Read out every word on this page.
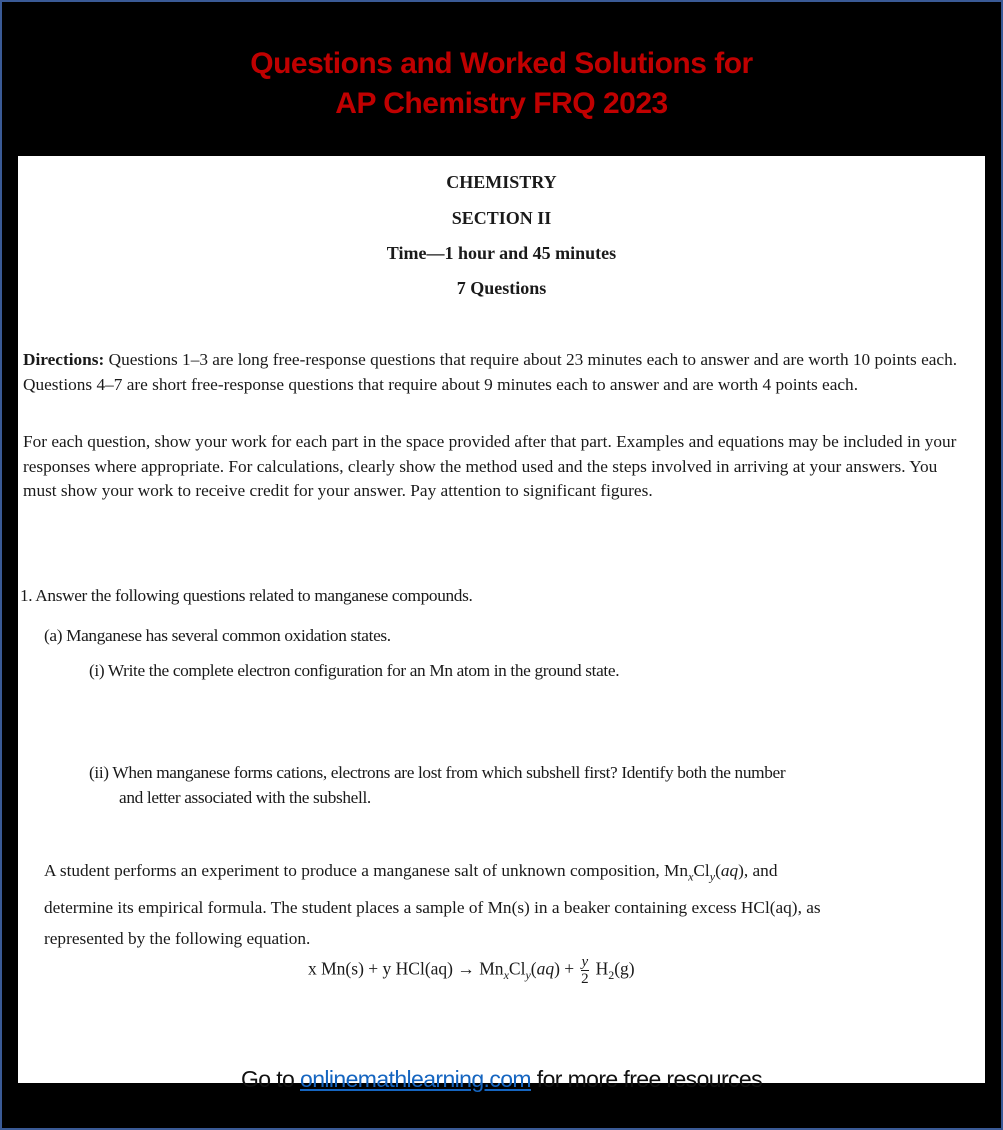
Questions and Worked Solutions for
AP Chemistry FRQ 2023
CHEMISTRY
SECTION II
Time—1 hour and 45 minutes
7 Questions
Directions: Questions 1–3 are long free-response questions that require about 23 minutes each to answer and are worth 10 points each. Questions 4–7 are short free-response questions that require about 9 minutes each to answer and are worth 4 points each.
For each question, show your work for each part in the space provided after that part. Examples and equations may be included in your responses where appropriate. For calculations, clearly show the method used and the steps involved in arriving at your answers. You must show your work to receive credit for your answer. Pay attention to significant figures.
1. Answer the following questions related to manganese compounds.
(a) Manganese has several common oxidation states.
(i) Write the complete electron configuration for an Mn atom in the ground state.
(ii) When manganese forms cations, electrons are lost from which subshell first? Identify both the number
and letter associated with the subshell.
A student performs an experiment to produce a manganese salt of unknown composition, $Mn_xCl_y(aq)$, and
determine its empirical formula. The student places a sample of Mn(s) in a beaker containing excess HCl(aq), as
represented by the following equation.
x Mn(s) + y $HCl(aq) \to Mn_xCl_y(aq) + \frac{y}{2} H_2(g)$
Go to onlinemathlearning.com for more free resources
